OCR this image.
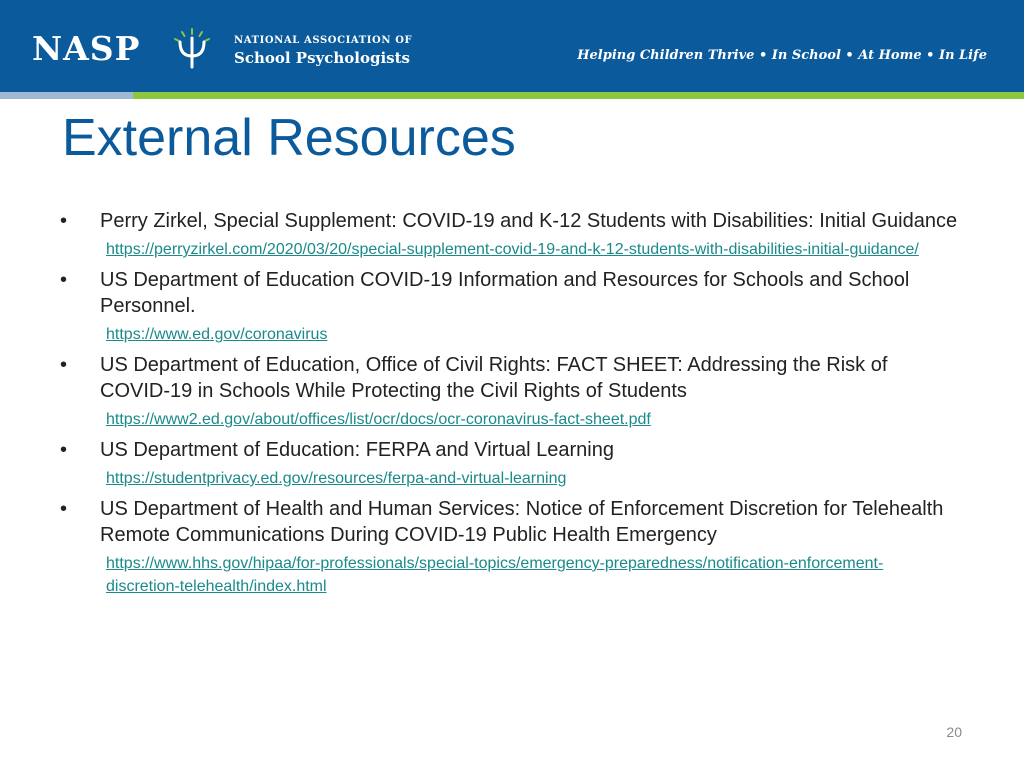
NASP	NATIONAL ASSOCIATION OF
School Psychologists	Helping Children Thrive • In School • At Home • In Life
External Resources
• Perry Zirkel, Special Supplement: COVID-19 and K-12 Students with Disabilities: Initial Guidance
https://perryzirkel.com/2020/03/20/special-supplement-covid-19-and-k-12-students-with-disabilities-initial-guidance/
• US Department of Education COVID-19 Information and Resources for Schools and School Personnel.
https://www.ed.gov/coronavirus
• US Department of Education, Office of Civil Rights: FACT SHEET: Addressing the Risk of COVID-19 in Schools While Protecting the Civil Rights of Students
https://www2.ed.gov/about/offices/list/ocr/docs/ocr-coronavirus-fact-sheet.pdf
• US Department of Education: FERPA and Virtual Learning
https://studentprivacy.ed.gov/resources/ferpa-and-virtual-learning
• US Department of Health and Human Services: Notice of Enforcement Discretion for Telehealth Remote Communications During COVID-19 Public Health Emergency
https://www.hhs.gov/hipaa/for-professionals/special-topics/emergency-preparedness/notification-enforcement-discretion-telehealth/index.html
20
